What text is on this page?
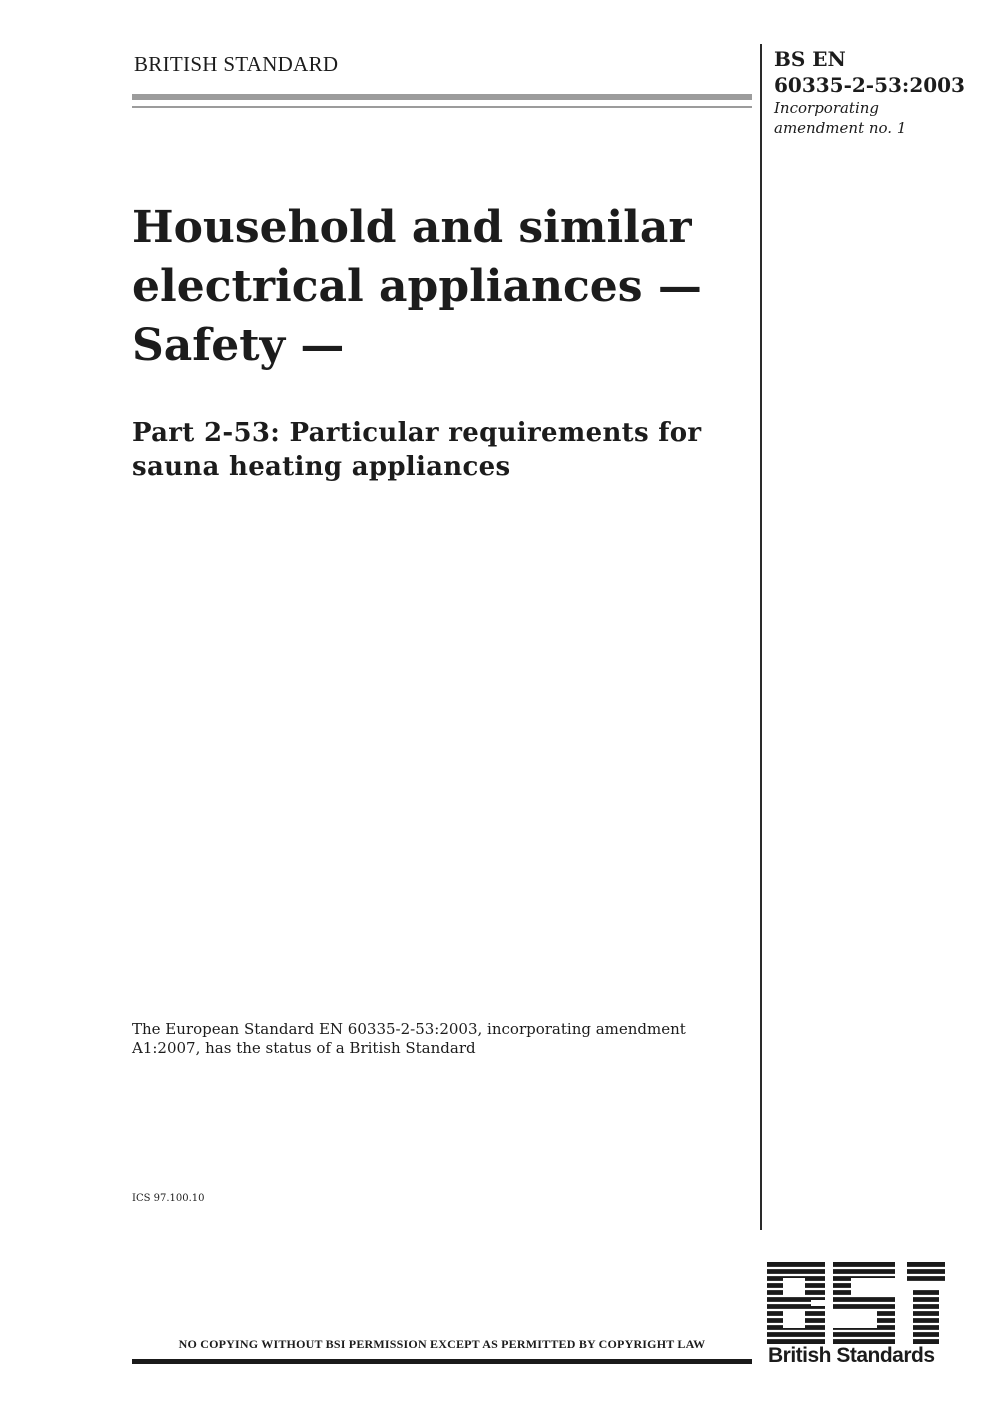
BRITISH STANDARD	BS EN
60335-2-53:2003
Incorporating
amendment no. 1
Household and similar
electrical appliances —
Safety —
Part 2-53: Particular requirements for
sauna heating appliances
The European Standard EN 60335-2-53:2003, incorporating amendment
A1:2007, has the status of a British Standard
ICS 97.100.10
NO COPYING WITHOUT BSI PERMISSION EXCEPT AS PERMITTED BY COPYRIGHT LAW	British Standards
